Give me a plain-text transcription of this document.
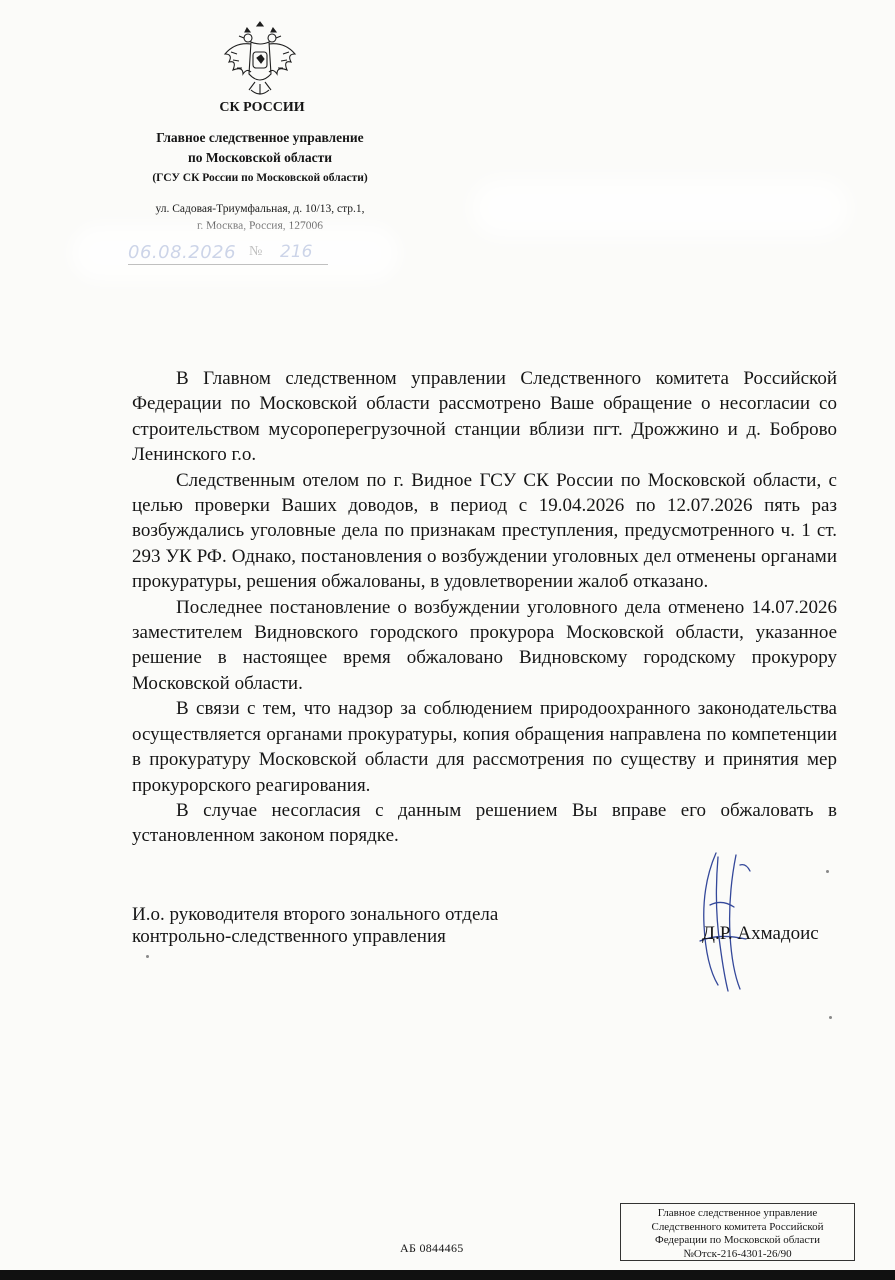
СК РОССИИ
Главное следственное управление
по Московской области
(ГСУ СК России по Московской области)
ул. Садовая-Триумфальная, д. 10/13, стр.1,

В Главном следственном управлении Следственного комитета Российской Федерации по Московской области рассмотрено Ваше обращение о несогласии со строительством мусороперегрузочной станции вблизи пгт. Дрожжино и д. Боброво Ленинского г.о.

Следственным отелом по г. Видное ГСУ СК России по Московской области, с целью проверки Ваших доводов, в период с 19.04.2026 по 12.07.2026 пять раз возбуждались уголовные дела по признакам преступления, предусмотренного ч. 1 ст. 293 УК РФ. Однако, постановления о возбуждении уголовных дел отменены органами прокуратуры, решения обжалованы, в удовлетворении жалоб отказано.

Последнее постановление о возбуждении уголовного дела отменено 14.07.2026 заместителем Видновского городского прокурора Московской области, указанное решение в настоящее время обжаловано Видновскому городскому прокурору Московской области.

В связи с тем, что надзор за соблюдением природоохранного законодательства осуществляется органами прокуратуры, копия обращения направлена по компетенции в прокуратуру Московской области для рассмотрения по существу и принятия мер прокурорского реагирования.

В случае несогласия с данным решением Вы вправе его обжаловать в установленном законом порядке.

И.о. руководителя второго зонального отдела
контрольно-следственного управления	Д.Р. Ахмадоис
АБ 0844465
Главное следственное управление
Следственного комитета Российской
Федерации по Московской области
№Отск-216-4301-26/90
